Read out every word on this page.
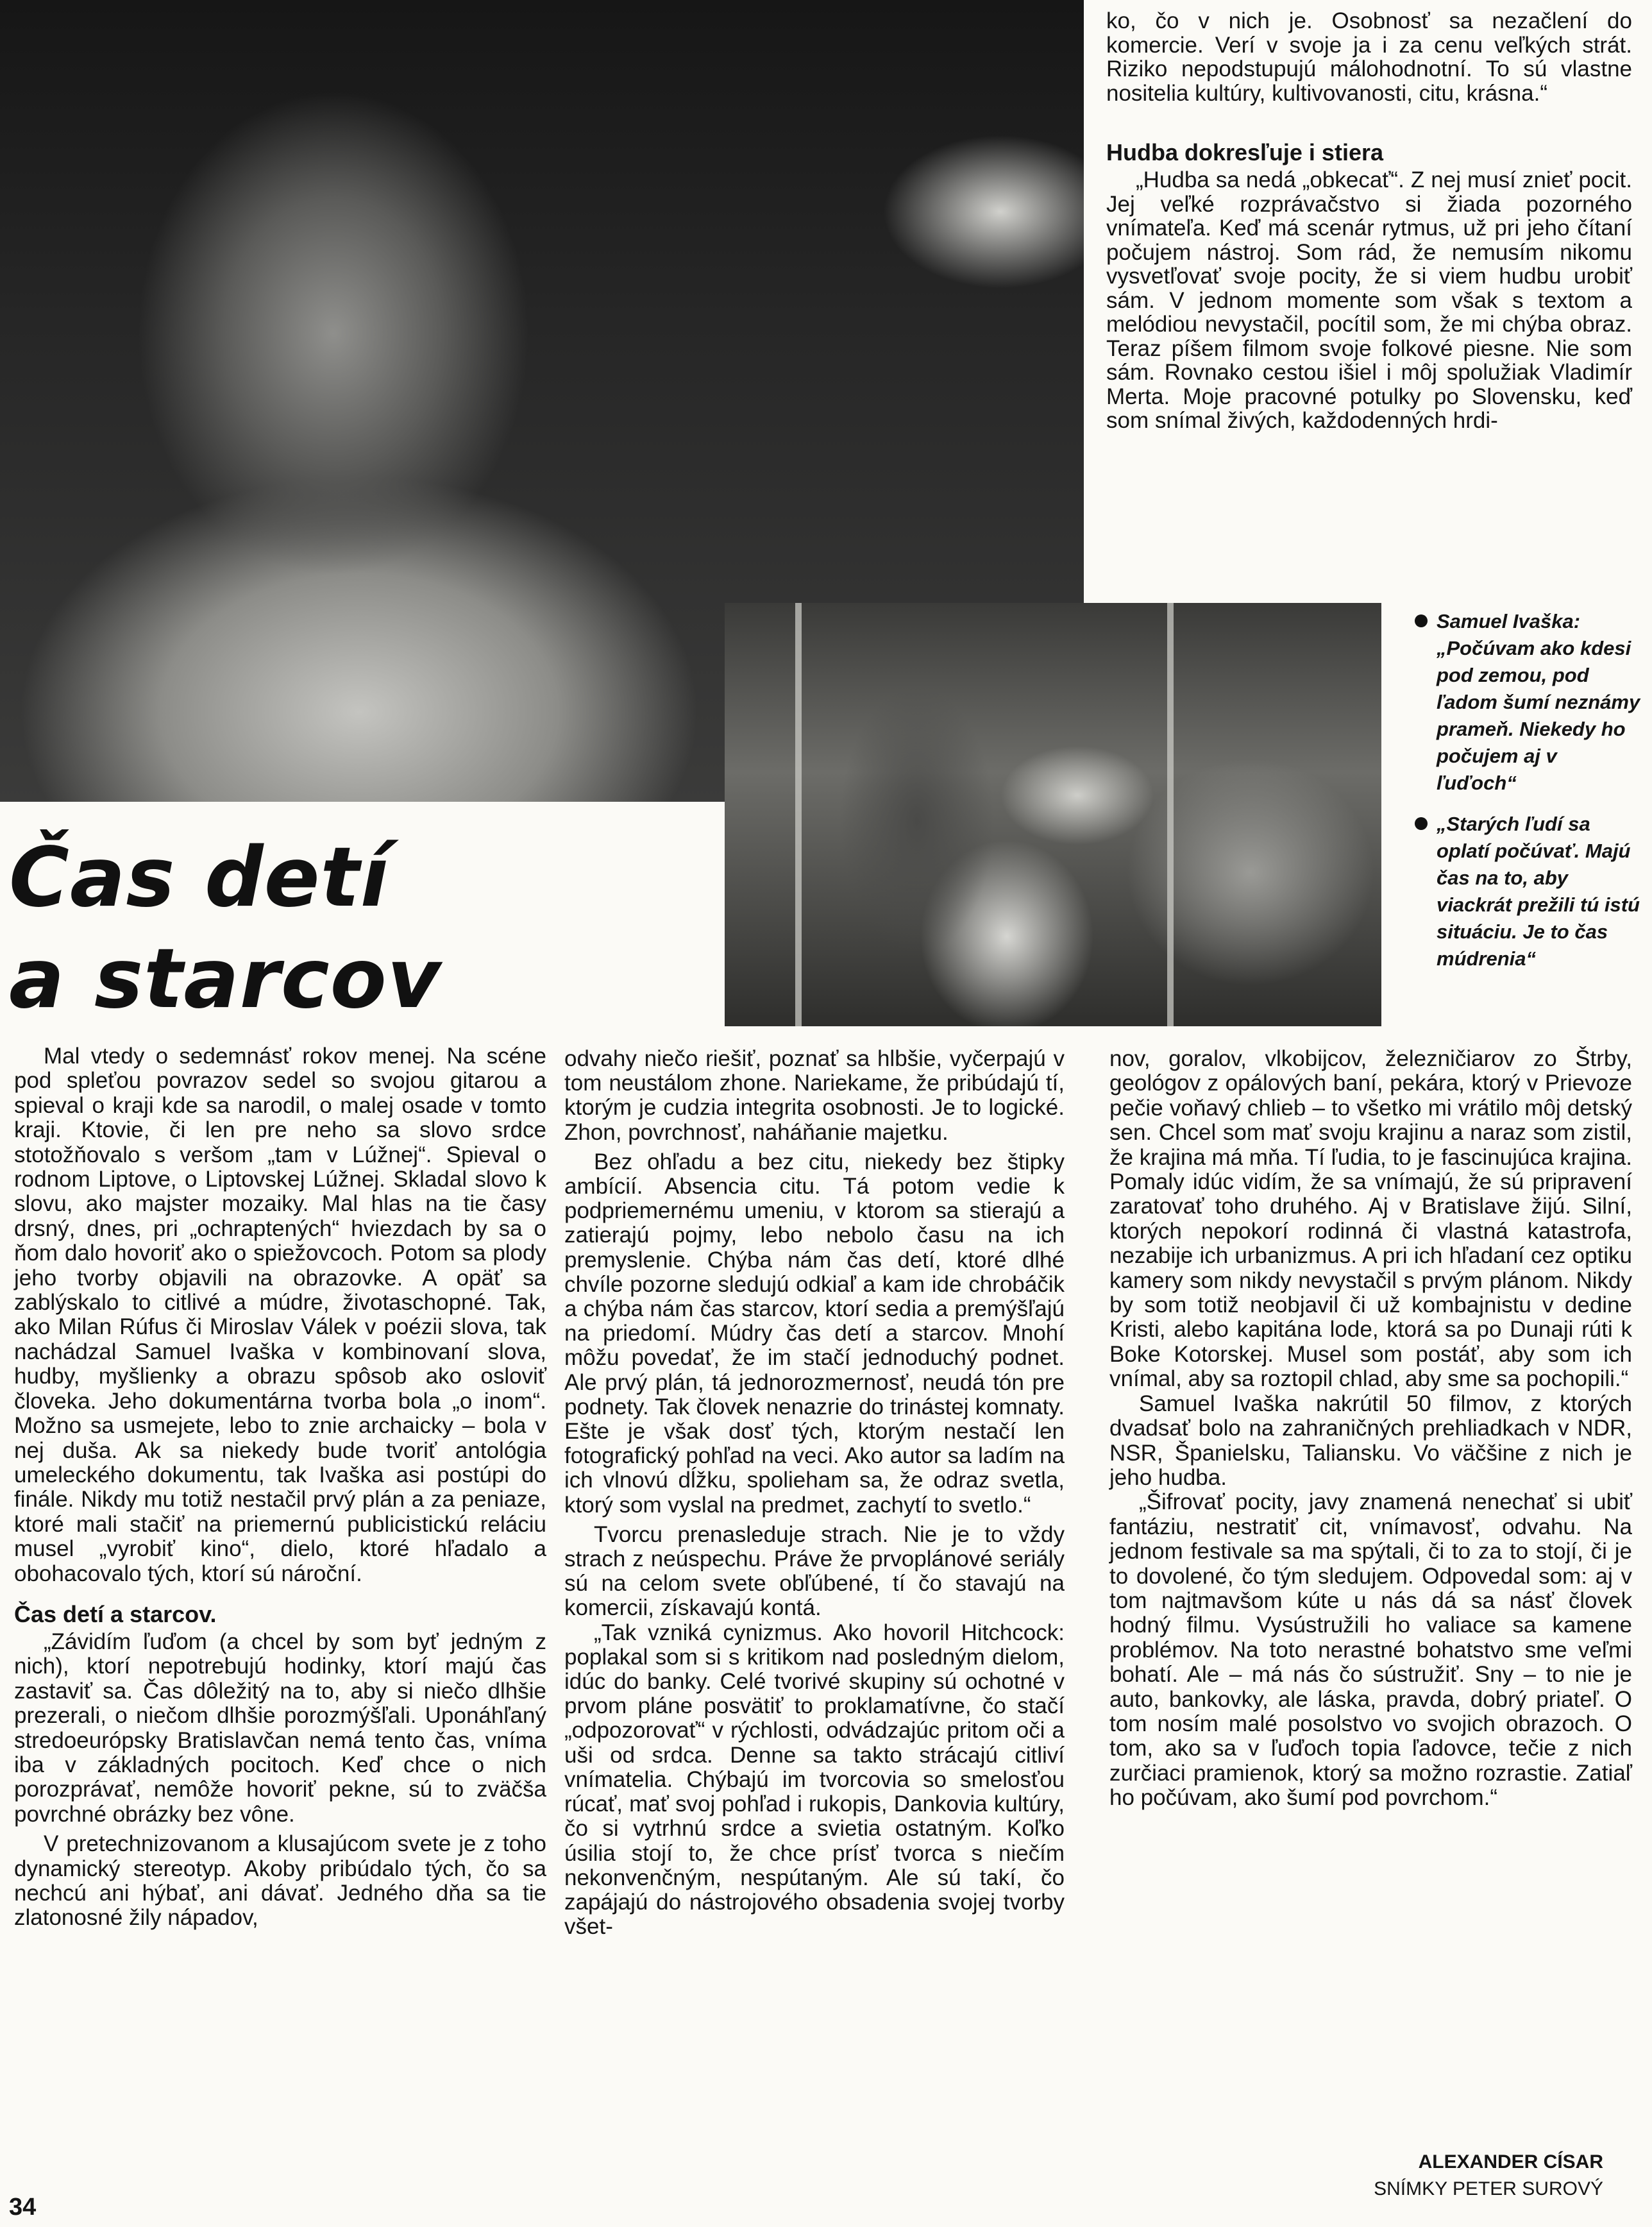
ko, čo v nich je. Osobnosť sa nezačlení do komercie. Verí v svoje ja i za cenu veľkých strát. Riziko nepodstupujú málohodnotní. To sú vlastne nositelia kultúry, kultivovanosti, citu, krásna.“

Hudba dokresľuje i stiera

„Hudba sa nedá „obkecať“. Z nej musí znieť pocit. Jej veľké rozprávačstvo si žiada pozorného vnímateľa. Keď má scenár rytmus, už pri jeho čítaní počujem nástroj. Som rád, že nemusím nikomu vysvetľovať svoje pocity, že si viem hudbu urobiť sám. V jednom momente som však s textom a melódiou nevystačil, pocítil som, že mi chýba obraz. Teraz píšem filmom svoje folkové piesne. Nie som sám. Rovnako cestou išiel i môj spolužiak Vladimír Merta. Moje pracovné potulky po Slovensku, keď som snímal živých, každodenných hrdi-

Samuel Ivaška: „Počúvam ako kdesi pod zemou, pod ľadom šumí neznámy prameň. Niekedy ho počujem aj v ľuďoch“
„Starých ľudí sa oplatí počúvať. Majú čas na to, aby viackrát prežili tú istú situáciu. Je to čas múdrenia“
Čas detí
a starcov

Mal vtedy o sedemnásť rokov menej. Na scéne pod spleťou povrazov sedel so svojou gitarou a spieval o kraji kde sa narodil, o malej osade v tomto kraji. Ktovie, či len pre neho sa slovo srdce stotožňovalo s veršom „tam v Lúžnej“. Spieval o rodnom Liptove, o Liptovskej Lúžnej. Skladal slovo k slovu, ako majster mozaiky. Mal hlas na tie časy drsný, dnes, pri „ochraptených“ hviezdach by sa o ňom dalo hovoriť ako o spiežovcoch. Potom sa plody jeho tvorby objavili na obrazovke. A opäť sa zablýskalo to citlivé a múdre, životaschopné. Tak, ako Milan Rúfus či Miroslav Válek v poézii slova, tak nachádzal Samuel Ivaška v kombinovaní slova, hudby, myšlienky a obrazu spôsob ako osloviť človeka. Jeho dokumentárna tvorba bola „o inom“. Možno sa usmejete, lebo to znie archaicky – bola v nej duša. Ak sa niekedy bude tvoriť antológia umeleckého dokumentu, tak Ivaška asi postúpi do finále. Nikdy mu totiž nestačil prvý plán a za peniaze, ktoré mali stačiť na priemernú publicistickú reláciu musel „vyrobiť kino“, dielo, ktoré hľadalo a obohacovalo tých, ktorí sú nároční.

Čas detí a starcov.

„Závidím ľuďom (a chcel by som byť jedným z nich), ktorí nepotrebujú hodinky, ktorí majú čas zastaviť sa. Čas dôležitý na to, aby si niečo dlhšie prezerali, o niečom dlhšie porozmýšľali. Uponáhľaný stredoeurópsky Bratislavčan nemá tento čas, vníma iba v základných pocitoch. Keď chce o nich porozprávať, nemôže hovoriť pekne, sú to zväčša povrchné obrázky bez vône.

V pretechnizovanom a klusajúcom svete je z toho dynamický stereotyp. Akoby pribúdalo tých, čo sa nechcú ani hýbať, ani dávať. Jedného dňa sa tie zlatonosné žily nápadov,

odvahy niečo riešiť, poznať sa hlbšie, vyčerpajú v tom neustálom zhone. Nariekame, že pribúdajú tí, ktorým je cudzia integrita osobnosti. Je to logické. Zhon, povrchnosť, naháňanie majetku.

Bez ohľadu a bez citu, niekedy bez štipky ambícií. Absencia citu. Tá potom vedie k podpriemernému umeniu, v ktorom sa stierajú a zatierajú pojmy, lebo nebolo času na ich premyslenie. Chýba nám čas detí, ktoré dlhé chvíle pozorne sledujú odkiaľ a kam ide chrobáčik a chýba nám čas starcov, ktorí sedia a premýšľajú na priedomí. Múdry čas detí a starcov. Mnohí môžu povedať, že im stačí jednoduchý podnet. Ale prvý plán, tá jednorozmernosť, neudá tón pre podnety. Tak človek nenazrie do trinástej komnaty. Ešte je však dosť tých, ktorým nestačí len fotografický pohľad na veci. Ako autor sa ladím na ich vlnovú dĺžku, spolieham sa, že odraz svetla, ktorý som vyslal na predmet, zachytí to svetlo.“

Tvorcu prenasleduje strach. Nie je to vždy strach z neúspechu. Práve že prvoplánové seriály sú na celom svete obľúbené, tí čo stavajú na komercii, získavajú kontá.

„Tak vzniká cynizmus. Ako hovoril Hitchcock: poplakal som si s kritikom nad posledným dielom, idúc do banky. Celé tvorivé skupiny sú ochotné v prvom pláne posvätiť to proklamatívne, čo stačí „odpozorovať“ v rýchlosti, odvádzajúc pritom oči a uši od srdca. Denne sa takto strácajú citliví vnímatelia. Chýbajú im tvorcovia so smelosťou rúcať, mať svoj pohľad i rukopis, Dankovia kultúry, čo si vytrhnú srdce a svietia ostatným. Koľko úsilia stojí to, že chce prísť tvorca s niečím nekonvenčným, nespútaným. Ale sú takí, čo zapájajú do nástrojového obsadenia svojej tvorby všet-

nov, goralov, vlkobijcov, železničiarov zo Štrby, geológov z opálových baní, pekára, ktorý v Prievoze pečie voňavý chlieb – to všetko mi vrátilo môj detský sen. Chcel som mať svoju krajinu a naraz som zistil, že krajina má mňa. Tí ľudia, to je fascinujúca krajina. Pomaly idúc vidím, že sa vnímajú, že sú pripravení zaratovať toho druhého. Aj v Bratislave žijú. Silní, ktorých nepokorí rodinná či vlastná katastrofa, nezabije ich urbanizmus. A pri ich hľadaní cez optiku kamery som nikdy nevystačil s prvým plánom. Nikdy by som totiž neobjavil či už kombajnistu v dedine Kristi, alebo kapitána lode, ktorá sa po Dunaji rúti k Boke Kotorskej. Musel som postáť, aby som ich vnímal, aby sa roztopil chlad, aby sme sa pochopili.“

Samuel Ivaška nakrútil 50 filmov, z ktorých dvadsať bolo na zahraničných prehliadkach v NDR, NSR, Španielsku, Taliansku. Vo väčšine z nich je jeho hudba.

„Šifrovať pocity, javy znamená nenechať si ubiť fantáziu, nestratiť cit, vnímavosť, odvahu. Na jednom festivale sa ma spýtali, či to za to stojí, či je to dovolené, čo tým sledujem. Odpovedal som: aj v tom najtmavšom kúte u nás dá sa násť človek hodný filmu. Vysústružili ho valiace sa kamene problémov. Na toto nerastné bohatstvo sme veľmi bohatí. Ale – má nás čo sústružiť. Sny – to nie je auto, bankovky, ale láska, pravda, dobrý priateľ. O tom nosím malé posolstvo vo svojich obrazoch. O tom, ako sa v ľuďoch topia ľadovce, tečie z nich zurčiaci pramienok, ktorý sa možno rozrastie. Zatiaľ ho počúvam, ako šumí pod povrchom.“

ALEXANDER CÍSAR
SNÍMKY PETER SUROVÝ
34
